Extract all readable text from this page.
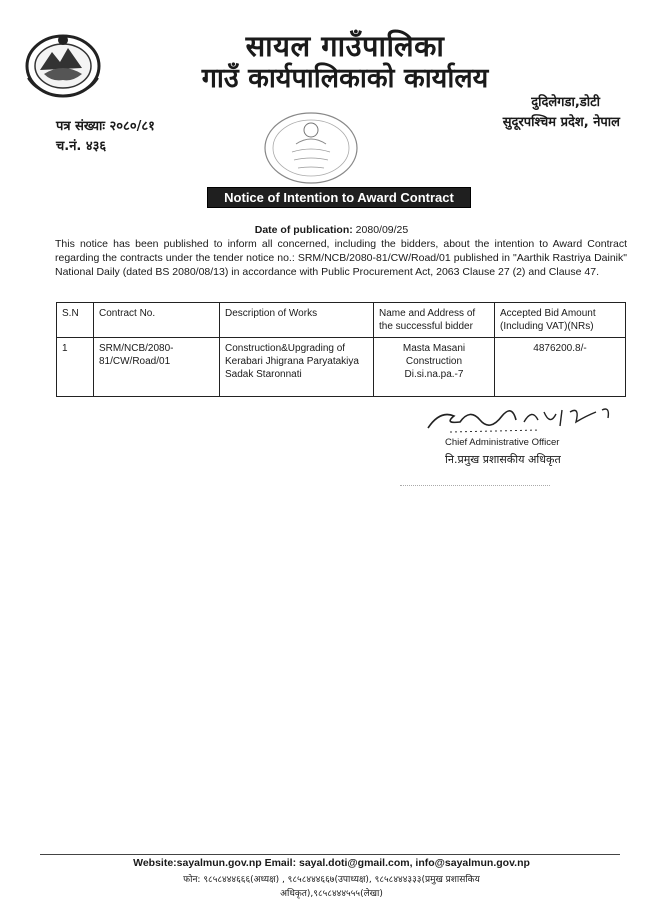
सायल गाउँपालिका
गाउँ कार्यपालिकाको कार्यालय
दुदिलेगडा,डोटी
सुदूरपश्चिम प्रदेश, नेपाल
पत्र संख्याः २०८०/८१
च.नं. ४३६
Notice of Intention to Award Contract
Date of publication: 2080/09/25
This notice has been published to inform all concerned, including the bidders, about the intention to Award Contract regarding the contracts under the tender notice no.: SRM/NCB/2080-81/CW/Road/01 published in "Aarthik Rastriya Dainik" National Daily (dated BS 2080/08/13) in accordance with Public Procurement Act, 2063 Clause 27 (2) and Clause 47.
S.N	Contract No.	Description of Works	Name and Address of the successful bidder	Accepted Bid Amount (Including VAT)(NRs)
1	SRM/NCB/2080-81/CW/Road/01	Construction&Upgrading of Kerabari Jhigrana Paryatakiya Sadak Staronnati	Masta Masani Construction Di.si.na.pa.-7	4876200.8/-
Chief Administrative Officer
नि.प्रमुख प्रशासकीय अधिकृत
Website:sayalmun.gov.np Email: sayal.doti@gmail.com, info@sayalmun.gov.np
फोन: ९८५८४४४६६६(अध्यक्ष) , ९८५८४४४६६७(उपाध्यक्ष), ९८५८४४४३३३(प्रमुख प्रशासकिय
अधिकृत),९८५८४४४५५५(लेखा)
